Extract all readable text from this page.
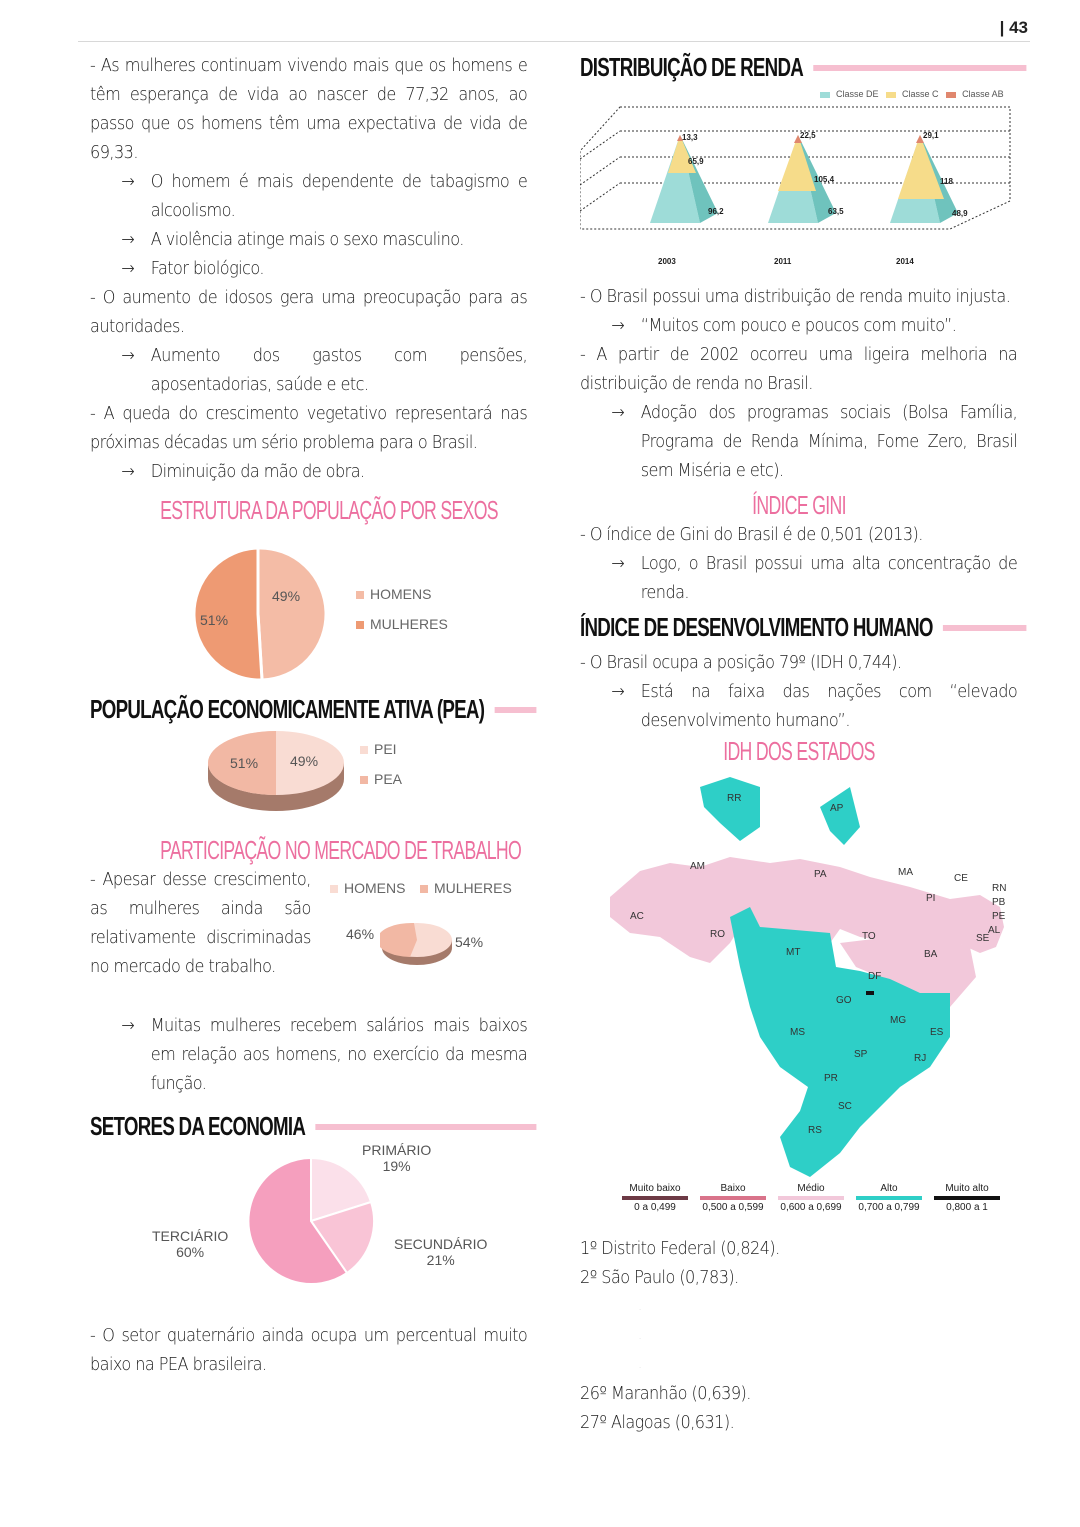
| 43
- As mulheres continuam vivendo mais que os homens e têm esperança de vida ao nascer de 77,32 anos, ao passo que os homens têm uma expectativa de vida de 69,33.
→ O homem é mais dependente de tabagismo e alcoolismo.
→ A violência atinge mais o sexo masculino.
→ Fator biológico.
- O aumento de idosos gera uma preocupação para as autoridades.
→ Aumento dos gastos com pensões, aposentadorias, saúde e etc.
- A queda do crescimento vegetativo representará nas próximas décadas um sério problema para o Brasil.
→ Diminuição da mão de obra.
ESTRUTURA DA POPULAÇÃO POR SEXOS
49%
51%
HOMENS
MULHERES
POPULAÇÃO ECONOMICAMENTE ATIVA (PEA)
51% 49%
PEI
PEA
PARTICIPAÇÃO NO MERCADO DE TRABALHO
- Apesar desse crescimento, as mulheres ainda são relativamente discriminadas no mercado de trabalho.
HOMENS	MULHERES
46%	54%
→ Muitas mulheres recebem salários mais baixos em relação aos homens, no exercício da mesma função.
SETORES DA ECONOMIA
PRIMÁRIO
19%
SECUNDÁRIO
21%
TERCIÁRIO
60%
- O setor quaternário ainda ocupa um percentual muito baixo na PEA brasileira.
DISTRIBUIÇÃO DE RENDA
Classe DE	Classe C	Classe AB
13,3
65,9
96,2
22,5
105,4
63,5
29,1
118
48,9
2003	2011	2014
- O Brasil possui uma distribuição de renda muito injusta.
→ “Muitos com pouco e poucos com muito”.
- A partir de 2002 ocorreu uma ligeira melhoria na distribuição de renda no Brasil.
→ Adoção dos programas sociais (Bolsa Família, Programa de Renda Mínima, Fome Zero, Brasil sem Miséria e etc).
ÍNDICE GINI
- O índice de Gini do Brasil é de 0,501 (2013).
→ Logo, o Brasil possui uma alta concentração de renda.
ÍNDICE DE DESENVOLVIMENTO HUMANO
- O Brasil ocupa a posição 79º (IDH 0,744).
→ Está na faixa das nações com “elevado desenvolvimento humano”.
IDH DOS ESTADOS
RR
AP
AM
PA	MA
CE
RN
PI	PB
PE
AL
SE
AC
RO	TO
MT	BA
DF
GO
MG
ES
MS
SP	RJ
PR
SC
RS
Muito baixo
0 a 0,499
Baixo
0,500 a 0,599
Médio
0,600 a 0,699
Alto
0,700 a 0,799
Muito alto
0,800 a 1
1º Distrito Federal (0,824).
2º São Paulo (0,783).
.
.
.
26º Maranhão (0,639).
27º Alagoas (0,631).
